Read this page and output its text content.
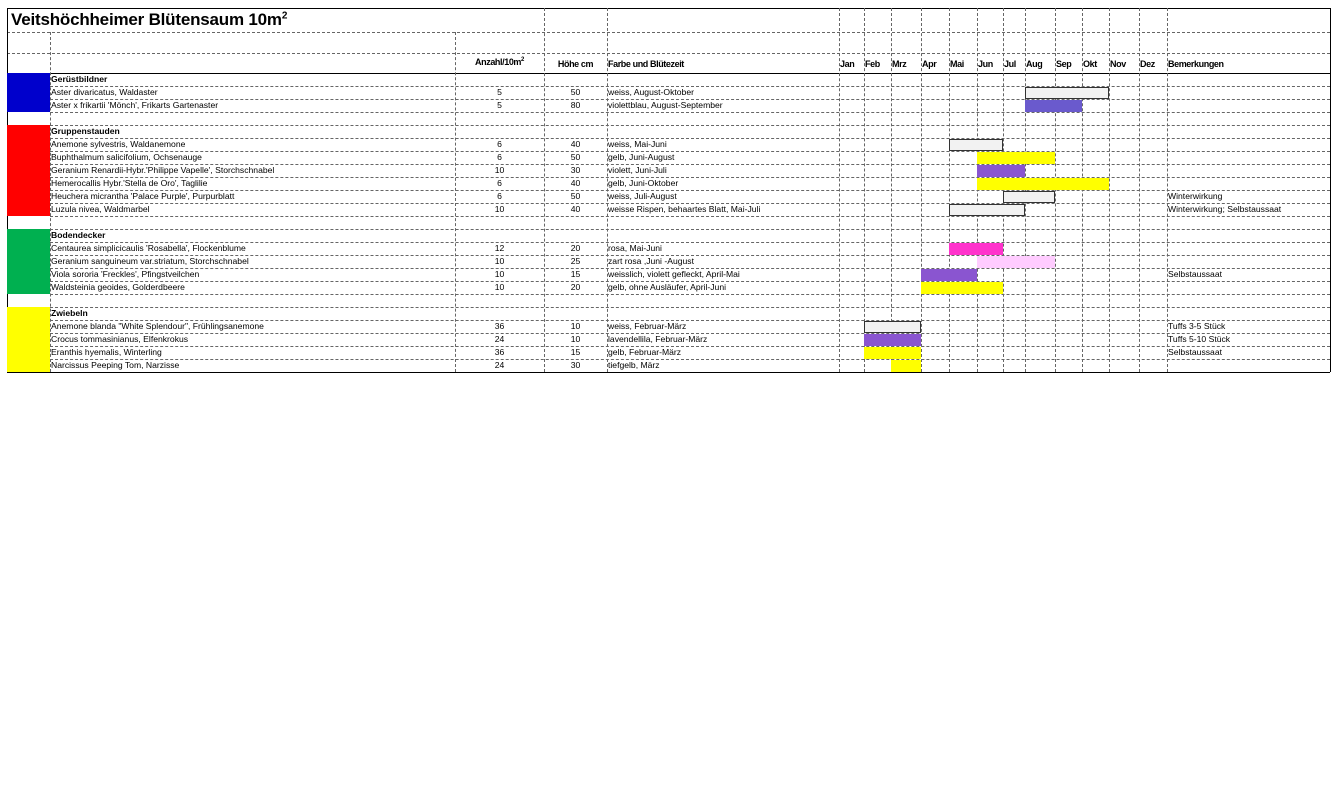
Veitshöchheimer Blütensaum $10m^2$
Anzahl/$10m^2$	Höhe cm	Farbe und Blütezeit	Jan	Feb	Mrz	Apr	Mai	Jun	Jul	Aug	Sep	Okt	Nov	Dez	Bemerkungen
Gerüstbildner
Aster divaricatus, Waldaster	5	50	weiss, August-Oktober
Aster x frikartii 'Mönch', Frikarts Gartenaster	5	80	violettblau, August-September
Gruppenstauden
Anemone sylvestris, Waldanemone	6	40	weiss, Mai-Juni
Buphthalmum salicifolium, Ochsenauge	6	50	gelb, Juni-August
Geranium Renardii-Hybr.'Philippe Vapelle', Storchschnabel	10	30	violett, Juni-Juli
Hemerocallis Hybr.'Stella de Oro', Taglilie	6	40	gelb, Juni-Oktober
Heuchera micrantha 'Palace Purple', Purpurblatt	6	50	weiss, Juli-August	Winterwirkung
Luzula nivea, Waldmarbel	10	40	weisse Rispen, behaartes Blatt, Mai-Juli	Winterwirkung; Selbstaussaat
Bodendecker
Centaurea simplicicaulis 'Rosabella', Flockenblume	12	20	rosa, Mai-Juni
Geranium sanguineum var.striatum, Storchschnabel	10	25	zart rosa ,Juni -August
Viola sororia 'Freckles', Pfingstveilchen	10	15	weisslich, violett gefleckt, April-Mai	Selbstaussaat
Waldsteinia geoides, Golderdbeere	10	20	gelb, ohne Ausläufer, April-Juni
Zwiebeln
Anemone blanda "White Splendour", Frühlingsanemone	36	10	weiss, Februar-März	Tuffs 3-5 Stück
Crocus tommasinianus, Elfenkrokus	24	10	lavendellila, Februar-März	Tuffs 5-10 Stück
Eranthis hyemalis, Winterling	36	15	gelb, Februar-März	Selbstaussaat
Narcissus Peeping Tom, Narzisse	24	30	tiefgelb, März
